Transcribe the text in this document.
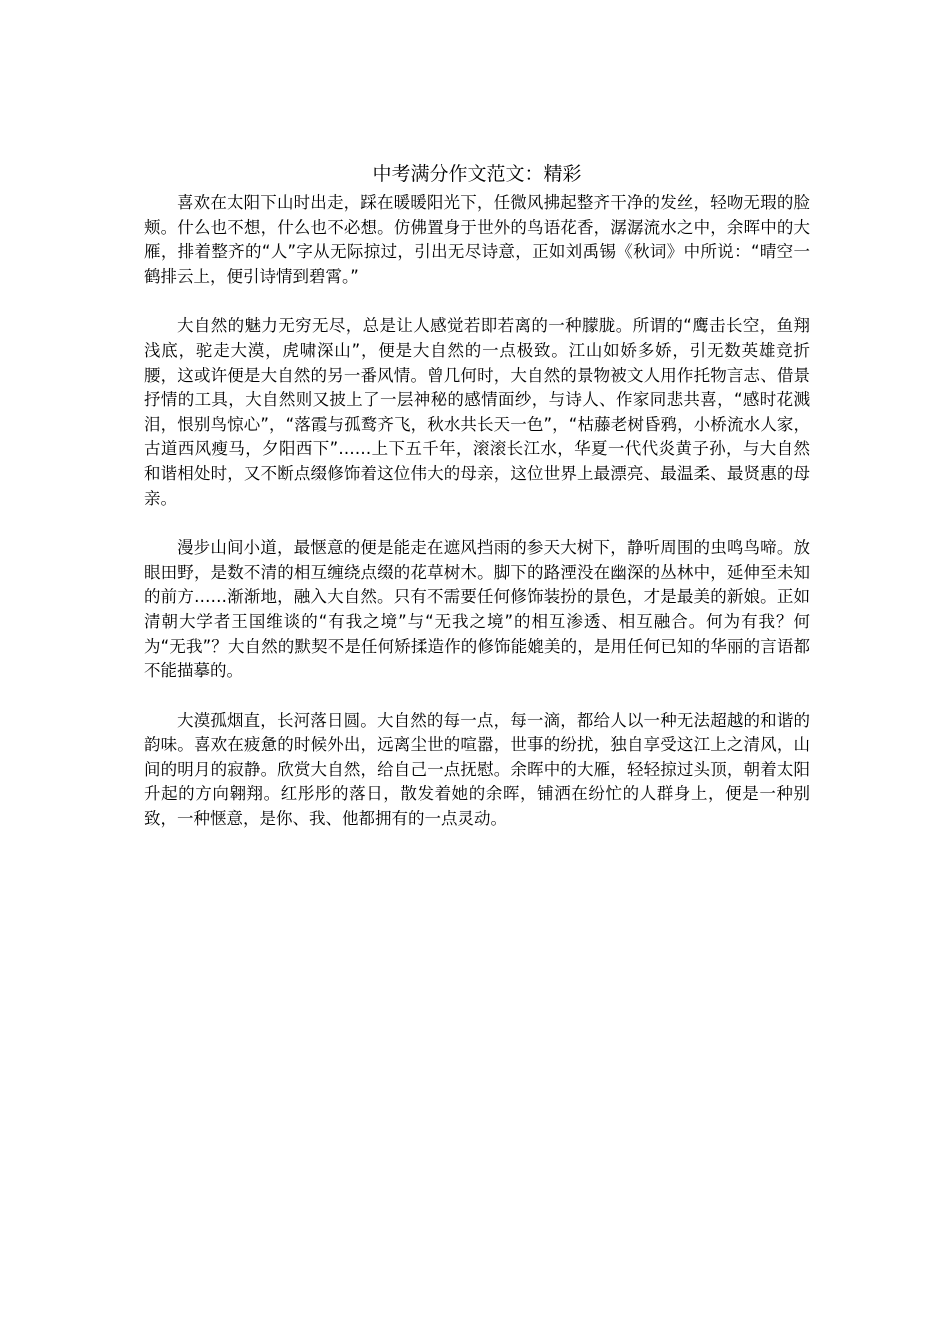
中考满分作文范文：精彩

喜欢在太阳下山时出走，踩在暖暖阳光下，任微风拂起整齐干净的发丝，轻吻无瑕的脸颊。什么也不想，什么也不必想。仿佛置身于世外的鸟语花香，潺潺流水之中，余晖中的大雁，排着整齐的“人”字从无际掠过，引出无尽诗意，正如刘禹锡《秋词》中所说：“晴空一鹤排云上，便引诗情到碧霄。”

大自然的魅力无穷无尽，总是让人感觉若即若离的一种朦胧。所谓的“鹰击长空，鱼翔浅底，驼走大漠，虎啸深山”，便是大自然的一点极致。江山如娇多娇，引无数英雄竞折腰，这或许便是大自然的另一番风情。曾几何时，大自然的景物被文人用作托物言志、借景抒情的工具，大自然则又披上了一层神秘的感情面纱，与诗人、作家同悲共喜，“感时花溅泪，恨别鸟惊心”，“落霞与孤鹜齐飞，秋水共长天一色”，“枯藤老树昏鸦，小桥流水人家，古道西风瘦马，夕阳西下”……上下五千年，滚滚长江水，华夏一代代炎黄子孙，与大自然和谐相处时，又不断点缀修饰着这位伟大的母亲，这位世界上最漂亮、最温柔、最贤惠的母亲。

漫步山间小道，最惬意的便是能走在遮风挡雨的参天大树下，静听周围的虫鸣鸟啼。放眼田野，是数不清的相互缠绕点缀的花草树木。脚下的路湮没在幽深的丛林中，延伸至未知的前方……渐渐地，融入大自然。只有不需要任何修饰装扮的景色，才是最美的新娘。正如清朝大学者王国维谈的“有我之境”与“无我之境”的相互渗透、相互融合。何为有我？何为“无我”？大自然的默契不是任何矫揉造作的修饰能媲美的，是用任何已知的华丽的言语都不能描摹的。

大漠孤烟直，长河落日圆。大自然的每一点，每一滴，都给人以一种无法超越的和谐的韵味。喜欢在疲惫的时候外出，远离尘世的喧嚣，世事的纷扰，独自享受这江上之清风，山间的明月的寂静。欣赏大自然，给自己一点抚慰。余晖中的大雁，轻轻掠过头顶，朝着太阳升起的方向翱翔。红彤彤的落日，散发着她的余晖，铺洒在纷忙的人群身上，便是一种别致，一种惬意，是你、我、他都拥有的一点灵动。
